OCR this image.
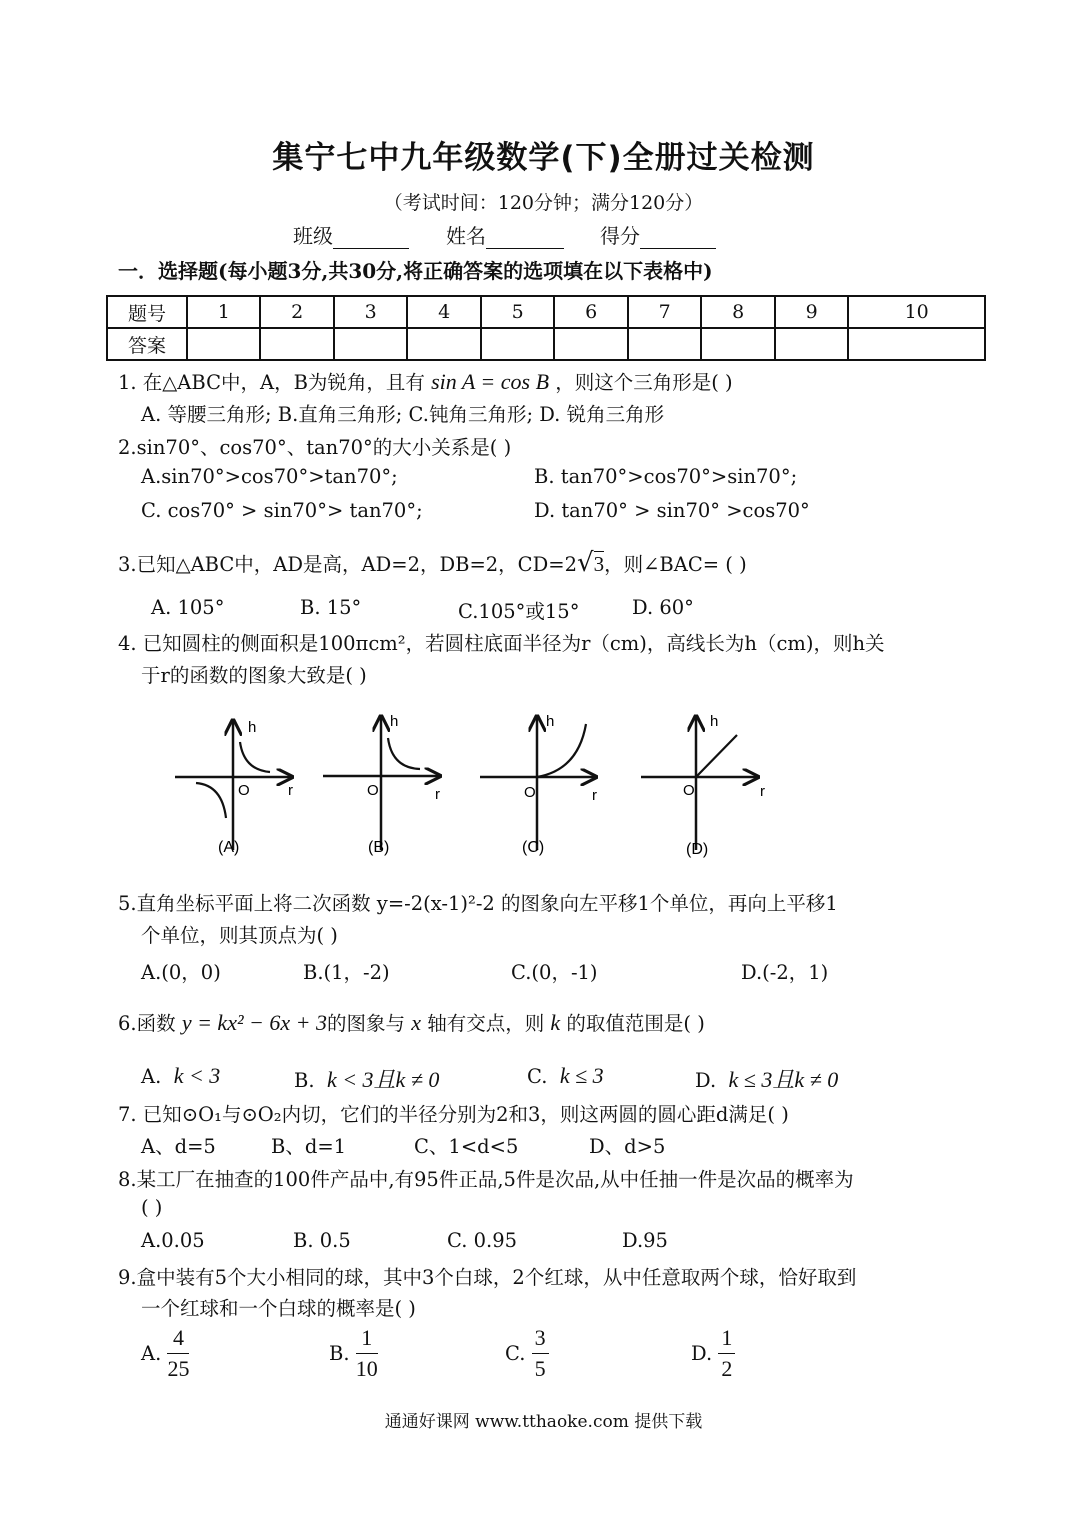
集宁七中九年级数学(下)全册过关检测
（考试时间：120分钟；满分120分）
班级	姓名	得分
一．选择题(每小题3分,共30分,将正确答案的选项填在以下表格中)
题号	1	2	3	4	5	6	7	8	9	10
答案										
1. 在△ABC中，A，B为锐角，且有 sin A = cos B ，则这个三角形是( )
A. 等腰三角形; B.直角三角形; C.钝角三角形; D. 锐角三角形
2.sin70°、cos70°、tan70°的大小关系是( )
A.sin70°>cos70°>tan70°;	B. tan70°>cos70°>sin70°;
C. cos70° > sin70°> tan70°;	D. tan70° > sin70° >cos70°
3.已知△ABC中，AD是高，AD=2，DB=2，CD=2√3，则∠BAC= ( )
A. 105°	B. 15°	C.105°或15°	D. 60°
4. 已知圆柱的侧面积是100πcm²，若圆柱底面半径为r（cm)，高线长为h（cm)，则h关
于r的函数的图象大致是( )
h
O	r
(A)
h
O	r
(B)
h
O	r
(C)
h
O	r
(D)
5.直角坐标平面上将二次函数 y=-2(x-1)²-2 的图象向左平移1个单位，再向上平移1
个单位，则其顶点为( )
A.(0，0)	B.(1，-2)	C.(0，-1)	D.(-2，1)
6.函数 y = kx² − 6x + 3的图象与 x 轴有交点，则 k 的取值范围是( )
A. k < 3	B. k < 3且k ≠ 0	C. k ≤ 3	D. k ≤ 3且k ≠ 0
7. 已知⊙O₁与⊙O₂内切，它们的半径分别为2和3，则这两圆的圆心距d满足( )
A、d=5	B、d=1	C、1<d<5	D、d>5
8.某工厂在抽查的100件产品中,有95件正品,5件是次品,从中任抽一件是次品的概率为
( )
A.0.05	B. 0.5	C. 0.95	D.95
9.盒中装有5个大小相同的球，其中3个白球，2个红球，从中任意取两个球，恰好取到
一个红球和一个白球的概率是( )
A. $\frac{4}{25}$	B. $\frac{1}{10}$	C. $\frac{3}{5}$	D. $\frac{1}{2}$
通通好课网 www.tthaoke.com 提供下载
